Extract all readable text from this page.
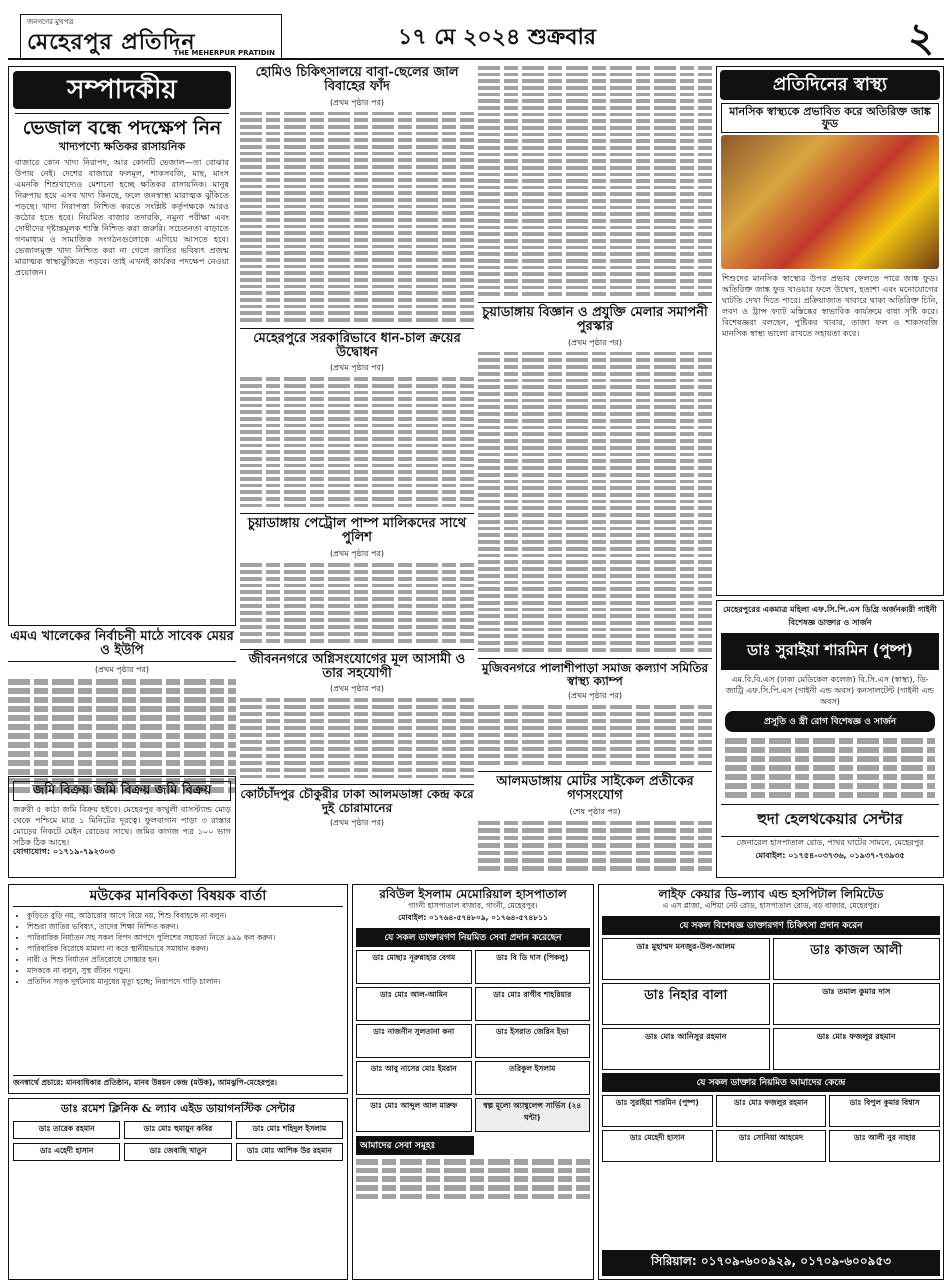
জনগণের মুখপত্র
মেহেরপুর প্রতিদিন
THE MEHERPUR PRATIDIN
১৭ মে ২০২৪ শুক্রবার	২
সম্পাদকীয়
ভেজাল বন্ধে পদক্ষেপ নিন
খাদ্যপণ্যে ক্ষতিকর রাসায়নিক
বাজারে কোন খাদ্য নিরাপদ, আর কোনটি ভেজাল—তা বোঝার উপায় নেই। দেশের বাজারে ফলমূল, শাকসবজি, মাছ, মাংস এমনকি শিশুখাদ্যেও মেশানো হচ্ছে ক্ষতিকর রাসায়নিক। মানুষ নিরুপায় হয়ে এসব খাদ্য কিনছে, ফলে জনস্বাস্থ্য মারাত্মক ঝুঁকিতে পড়ছে। খাদ্য নিরাপত্তা নিশ্চিত করতে সংশ্লিষ্ট কর্তৃপক্ষকে আরও কঠোর হতে হবে। নিয়মিত বাজার তদারকি, নমুনা পরীক্ষা এবং দোষীদের দৃষ্টান্তমূলক শাস্তি নিশ্চিত করা জরুরি। সচেতনতা বাড়াতে গণমাধ্যম ও সামাজিক সংগঠনগুলোকে এগিয়ে আসতে হবে। ভেজালমুক্ত খাদ্য নিশ্চিত করা না গেলে জাতির ভবিষ্যৎ প্রজন্ম মারাত্মক স্বাস্থ্যঝুঁকিতে পড়বে। তাই এখনই কার্যকর পদক্ষেপ নেওয়া প্রয়োজন।
এমএ খালেকের নির্বাচনী মাঠে সাবেক মেয়র ও ইউপি
(প্রথম পৃষ্ঠার পর)
জমি বিক্রয় জমি বিক্রয় জমি বিক্রয়
জরুরী ৫ কাঠা জমি বিক্রয় হইবে। মেহেরপুর কাথুলী বাসস্ট্যান্ড মোড় থেকে পশ্চিমে মাত্র ১ মিনিটের দূরত্বে। ফুলবাগান পাড়া ৩ রাস্তার মোড়ের নিকটে মেইন রোডের সাথে। জমির কাগজ পত্র ১০০ ভাগ সঠিক ঠিক আছে।
যোগাযোগ: ০১৭১৯-৭৯২৩০৩
হোমিও চিকিৎসালয়ে বাবা-ছেলের জাল বিবাহের ফাঁদ
(প্রথম পৃষ্ঠার পর)
মেহেরপুরে সরকারিভাবে ধান-চাল ক্রয়ের উদ্বোধন
(প্রথম পৃষ্ঠার পর)
চুয়াডাঙ্গায় পেট্রোল পাম্প মালিকদের সাথে পুলিশ
(প্রথম পৃষ্ঠার পর)
জীবননগরে অগ্নিসংযোগের মূল আসামী ও তার সহযোগী
(প্রথম পৃষ্ঠার পর)
কোর্টচাঁদপুর চৌকুরীর ঢাকা আলমডাঙ্গা কেন্দ্র করে দুই চোরামানের
(প্রথম পৃষ্ঠার পর)
চুয়াডাঙ্গায় বিজ্ঞান ও প্রযুক্তি মেলার সমাপনী পুরস্কার
(প্রথম পৃষ্ঠার পর)
মুজিবনগরে পালাশীপাড়া সমাজ কল্যাণ সমিতির স্বাস্থ্য ক্যাম্প
(প্রথম পৃষ্ঠার পর)
আলমডাঙ্গায় মোটর সাইকেল প্রতীকের গণসংযোগ
(শেষ পৃষ্ঠার পর)
প্রতিদিনের স্বাস্থ্য
মানসিক স্বাস্থ্যকে প্রভাবিত করে অতিরিক্ত জাঙ্ক ফুড
শিশুদের মানসিক স্বাস্থ্যের উপর প্রভাব ফেলতে পারে জাঙ্ক ফুড। অতিরিক্ত জাঙ্ক ফুড খাওয়ার ফলে উদ্বেগ, হতাশা এবং মনোযোগের ঘাটতি দেখা দিতে পারে। প্রক্রিয়াজাত খাবারে থাকা অতিরিক্ত চিনি, লবণ ও ট্রান্স ফ্যাট মস্তিষ্কের স্বাভাবিক কার্যক্রমে বাধা সৃষ্টি করে। বিশেষজ্ঞরা বলছেন, পুষ্টিকর খাবার, তাজা ফল ও শাকসবজি মানসিক স্বাস্থ্য ভালো রাখতে সহায়তা করে।
মেহেরপুরের একমাত্র মহিলা এফ.সি.পি.এস ডিগ্রি অর্জনকারী গাইনী বিশেষজ্ঞ ডাক্তার ও সার্জন
ডাঃ সুরাইয়া শারমিন (পুষ্প)
এম.বি.বি.এস (ঢাকা মেডিকেল কলেজ) বি.সি.এস (স্বাস্থ্য), ডি-জাট্রি এফ.সি.পি.এস (গাইনী এন্ড অবস) কনসালটেন্ট (গাইনী এন্ড অবস)
প্রসূতি ও স্ত্রী রোগ বিশেষজ্ঞ ও সার্জন
হুদা হেলথকেয়ার সেন্টার
জেনারেল হাসপাতাল রোড, পাথর ঘাটের সামনে, মেহেরপুর
মোবাইল: ০১৭৫৪-০৩৭৩৬, ০১৯৩৭-৭৩৯৩৫
মউকের মানবিকতা বিষয়ক বার্তা
• কুড়িতে বুড়ি নয়, আঠারোর আগে বিয়ে নয়, শিশু বিবাহকে না বলুন।
• শিশুরা জাতির ভবিষ্যৎ, তাদের শিক্ষা নিশ্চিত করুন।
• পারিবারিক নির্যাতন সহ সকল বিপদ আপদে পুলিশের সহায়তা নিতে ৯৯৯ কল করুন।
• পারিবারিক বিরোধে মামলা না করে স্থানীয়ভাবে সমাধান করুন।
• নারী ও শিশু নির্যাতন প্রতিরোধে সোচ্চার হন।
• মাদককে না বলুন, সুস্থ জীবন গড়ুন।
• প্রতিদিন সড়ক দুর্ঘটনায় মানুষের মৃত্যু হচ্ছে; নিরাপদে গাড়ি চালান।
জনস্বার্থে প্রচারে: মানবাধিকার প্রতিষ্ঠান, মানব উন্নয়ন কেন্দ্র (মউক), আমঝুপি-মেহেরপুর।
ডাঃ রমেশ ক্লিনিক & ল্যাব এইড ডায়াগনস্টিক সেন্টার
ডাঃ তারেক রহমান	ডাঃ মোঃ হুমায়ুন কবির	ডাঃ মোঃ শহিদুল ইসলাম
ডাঃ এহেদী হাসান	ডাঃ জেবাছি খাতুন	ডাঃ মোঃ আশিক উর রহমান
রবিউল ইসলাম মেমোরিয়াল হাসপাতাল
গাংনী হাসপাতাল বাজার, গাংনী, মেহেরপুর।
মোবাইল: ০১৭৬৪-৫৭৪৮০৯, ০১৭৬৪-৫৭৪৮১১
যে সকল ডাক্তারগণ নিয়মিত সেবা প্রদান করেছেন
ডাঃ মোছাঃ নূরুন্নাহার বেগম	ডাঃ বি ডি দাস (পিকলু)
ডাঃ মোঃ আল-আমিন	ডাঃ মোঃ রাগীব শাহরিয়ার
ডাঃ নাজনীন সুলতানা কনা	ডাঃ ইসরাত জেরিন ইভা
ডাঃ আবু নাসের মোঃ ইমরান	তরিকুল ইসলাম
ডাঃ মোঃ আব্দুল আল মারুফ	স্বল্প মূল্যে অ্যাম্বুলেন্স সার্ভিস (২৪ ঘন্টা)
আমাদের সেবা সমূহঃ
লাইফ কেয়ার ডি-ল্যাব এন্ড হসপিটাল লিমিটেড
এ এস প্লাজা, এশিয়া নেট রোড, হাসপাতাল রোড, বড় বাজার, মেহেরপুর।
যে সকল বিশেষজ্ঞ ডাক্তারগণ চিকিৎসা প্রদান করেন
ডাঃ মুহাম্মদ মনজুর-উল-আলম	ডাঃ কাজল আলী
ডাঃ নিহার বালা	ডাঃ তমাল কুমার দাস
ডাঃ মোঃ আনিসুর রহমান	ডাঃ মোঃ ফজলুর রহমান
যে সকল ডাক্তার নিয়মিত আমাদের কেন্দ্রে
ডাঃ সুরাইয়া শারমিন (পুষ্প)	ডাঃ মোঃ ফজলুর রহমান	ডাঃ বিপুল কুমার বিশ্বাস
ডাঃ মেহেদী হাসান	ডাঃ সোনিয়া আহমেদ	ডাঃ আলী নুর নাহার
সিরিয়াল: ০১৭০৯-৬০০৯২৯, ০১৭০৯-৬০০৯৫৩
